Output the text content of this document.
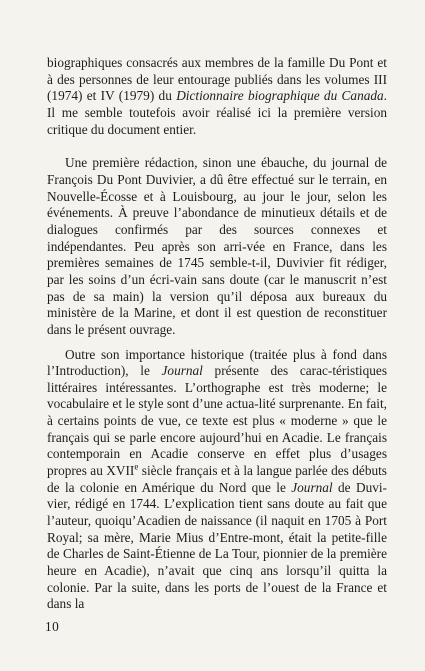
biographiques consacrés aux membres de la famille Du Pont et à des personnes de leur entourage publiés dans les volumes III (1974) et IV (1979) du Dictionnaire biographique du Canada. Il me semble toutefois avoir réalisé ici la première version critique du document entier.

Une première rédaction, sinon une ébauche, du journal de François Du Pont Duvivier, a dû être effectué sur le terrain, en Nouvelle-Écosse et à Louisbourg, au jour le jour, selon les événements. À preuve l’abondance de minutieux détails et de dialogues confirmés par des sources connexes et indépendantes. Peu après son arri-vée en France, dans les premières semaines de 1745 semble-t-il, Duvivier fit rédiger, par les soins d’un écri-vain sans doute (car le manuscrit n’est pas de sa main) la version qu’il déposa aux bureaux du ministère de la Marine, et dont il est question de reconstituer dans le présent ouvrage.

Outre son importance historique (traitée plus à fond dans l’Introduction), le Journal présente des carac-téristiques littéraires intéressantes. L’orthographe est très moderne; le vocabulaire et le style sont d’une actua-lité surprenante. En fait, à certains points de vue, ce texte est plus « moderne » que le français qui se parle encore aujourd’hui en Acadie. Le français contemporain en Acadie conserve en effet plus d’usages propres au XVIIe siècle français et à la langue parlée des débuts de la colonie en Amérique du Nord que le Journal de Duvi-vier, rédigé en 1744. L’explication tient sans doute au fait que l’auteur, quoiqu’Acadien de naissance (il naquit en 1705 à Port Royal; sa mère, Marie Mius d’Entre-mont, était la petite-fille de Charles de Saint-Étienne de La Tour, pionnier de la première heure en Acadie), n’avait que cinq ans lorsqu’il quitta la colonie. Par la suite, dans les ports de l’ouest de la France et dans la

10
